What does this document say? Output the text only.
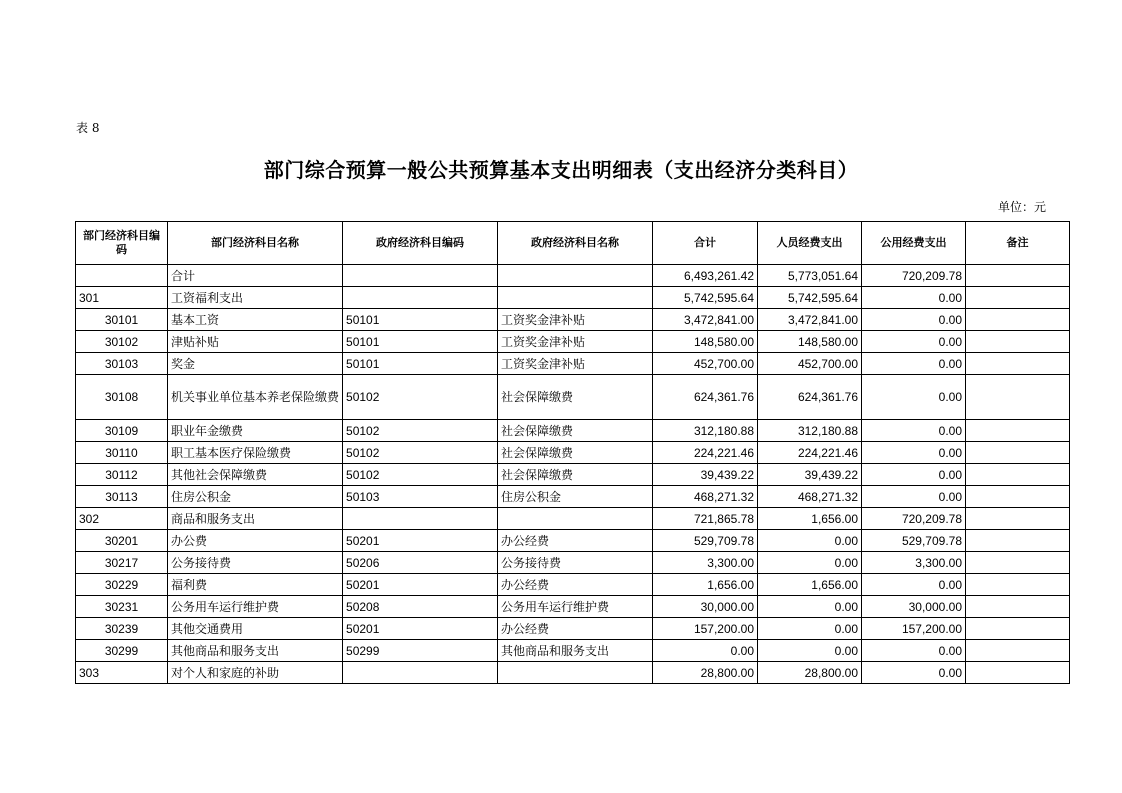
表 8
部门综合预算一般公共预算基本支出明细表（支出经济分类科目）
单位：元
部门经济科目编码	部门经济科目名称	政府经济科目编码	政府经济科目名称	合计	人员经费支出	公用经费支出	备注
	合计			6,493,261.42	5,773,051.64	720,209.78	
301	工资福利支出			5,742,595.64	5,742,595.64	0.00	
30101	基本工资	50101	工资奖金津补贴	3,472,841.00	3,472,841.00	0.00	
30102	津贴补贴	50101	工资奖金津补贴	148,580.00	148,580.00	0.00	
30103	奖金	50101	工资奖金津补贴	452,700.00	452,700.00	0.00	
30108	机关事业单位基本养老保险缴费	50102	社会保障缴费	624,361.76	624,361.76	0.00	
30109	职业年金缴费	50102	社会保障缴费	312,180.88	312,180.88	0.00	
30110	职工基本医疗保险缴费	50102	社会保障缴费	224,221.46	224,221.46	0.00	
30112	其他社会保障缴费	50102	社会保障缴费	39,439.22	39,439.22	0.00	
30113	住房公积金	50103	住房公积金	468,271.32	468,271.32	0.00	
302	商品和服务支出			721,865.78	1,656.00	720,209.78	
30201	办公费	50201	办公经费	529,709.78	0.00	529,709.78	
30217	公务接待费	50206	公务接待费	3,300.00	0.00	3,300.00	
30229	福利费	50201	办公经费	1,656.00	1,656.00	0.00	
30231	公务用车运行维护费	50208	公务用车运行维护费	30,000.00	0.00	30,000.00	
30239	其他交通费用	50201	办公经费	157,200.00	0.00	157,200.00	
30299	其他商品和服务支出	50299	其他商品和服务支出	0.00	0.00	0.00	
303	对个人和家庭的补助			28,800.00	28,800.00	0.00	
